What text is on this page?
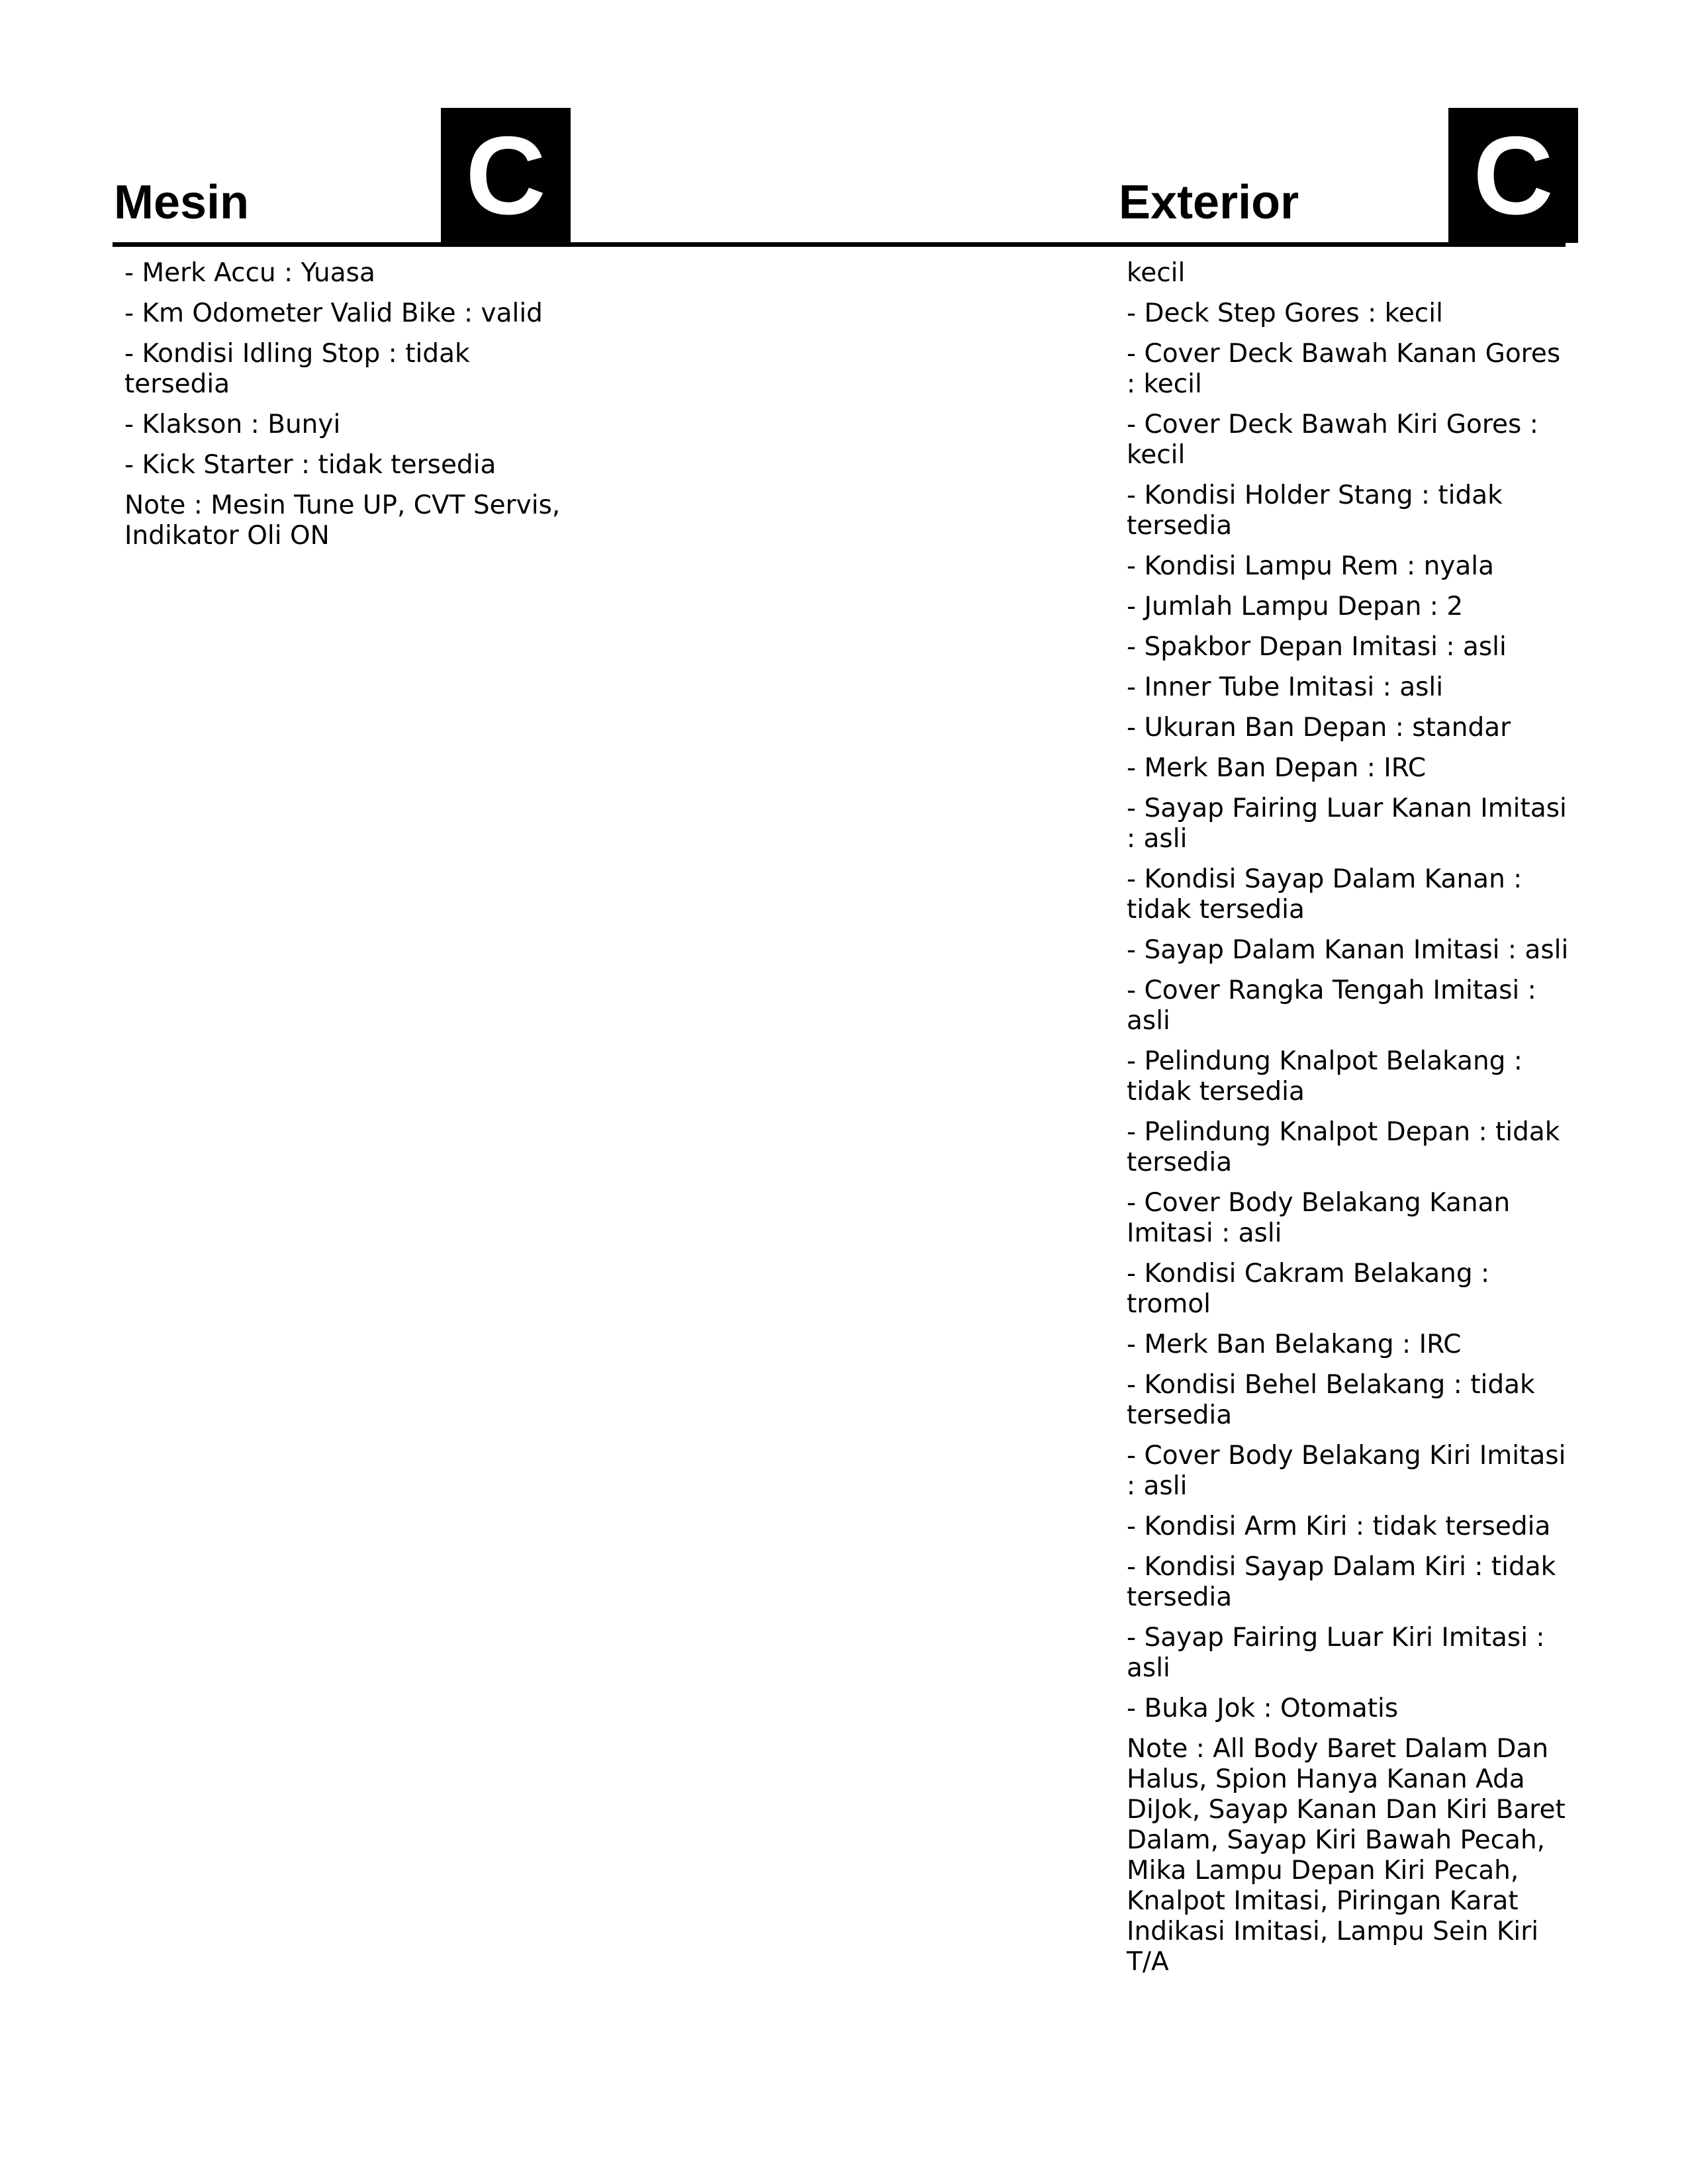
Mesin C	Exterior C
- Merk Accu : Yuasa
- Km Odometer Valid Bike : valid
- Kondisi Idling Stop : tidak tersedia
- Klakson : Bunyi
- Kick Starter : tidak tersedia
Note : Mesin Tune UP, CVT Servis, Indikator Oli ON
kecil
- Deck Step Gores : kecil
- Cover Deck Bawah Kanan Gores : kecil
- Cover Deck Bawah Kiri Gores : kecil
- Kondisi Holder Stang : tidak tersedia
- Kondisi Lampu Rem : nyala
- Jumlah Lampu Depan : 2
- Spakbor Depan Imitasi : asli
- Inner Tube Imitasi : asli
- Ukuran Ban Depan : standar
- Merk Ban Depan : IRC
- Sayap Fairing Luar Kanan Imitasi : asli
- Kondisi Sayap Dalam Kanan : tidak tersedia
- Sayap Dalam Kanan Imitasi : asli
- Cover Rangka Tengah Imitasi : asli
- Pelindung Knalpot Belakang : tidak tersedia
- Pelindung Knalpot Depan : tidak tersedia
- Cover Body Belakang Kanan Imitasi : asli
- Kondisi Cakram Belakang : tromol
- Merk Ban Belakang : IRC
- Kondisi Behel Belakang : tidak tersedia
- Cover Body Belakang Kiri Imitasi : asli
- Kondisi Arm Kiri : tidak tersedia
- Kondisi Sayap Dalam Kiri : tidak tersedia
- Sayap Fairing Luar Kiri Imitasi : asli
- Buka Jok : Otomatis
Note : All Body Baret Dalam Dan Halus, Spion Hanya Kanan Ada DiJok, Sayap Kanan Dan Kiri Baret Dalam, Sayap Kiri Bawah Pecah, Mika Lampu Depan Kiri Pecah, Knalpot Imitasi, Piringan Karat Indikasi Imitasi, Lampu Sein Kiri T/A
